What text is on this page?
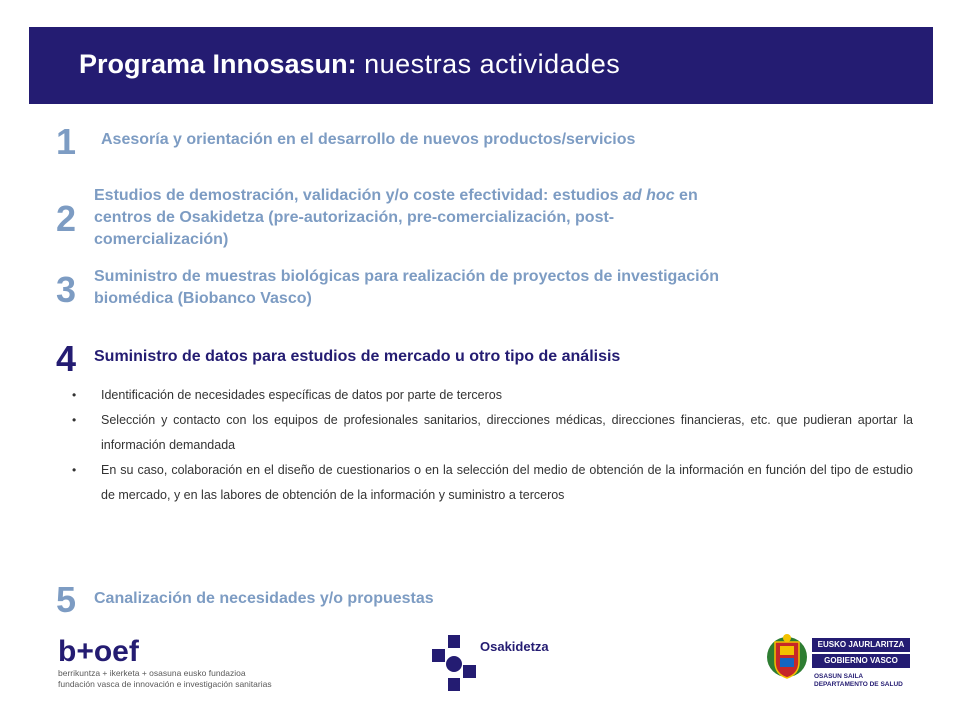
Programa Innosasun: nuestras actividades
1 Asesoría y orientación en el desarrollo de nuevos productos/servicios
2
Estudios de demostración, validación y/o coste efectividad: estudios ad hoc en
centros de Osakidetza (pre-autorización, pre-comercialización, post-
comercialización)
3 Suministro de muestras biológicas para realización de proyectos de investigación
biomédica (Biobanco Vasco)
4 Suministro de datos para estudios de mercado u otro tipo de análisis
• Identificación de necesidades específicas de datos por parte de terceros
• Selección y contacto con los equipos de profesionales sanitarios, direcciones médicas, direcciones financieras, etc. que pudieran aportar la información demandada
• En su caso, colaboración en el diseño de cuestionarios o en la selección del medio de obtención de la información en función del tipo de estudio de mercado, y en las labores de obtención de la información y suministro a terceros
5 Canalización de necesidades y/o propuestas
b+oef
berrikuntza + ikerketa + osasuna eusko fundazioa
fundación vasca de innovación e investigación sanitarias
Osakidetza	EUSKO JAURLARITZA
GOBIERNO VASCO
OSASUN SAILA
DEPARTAMENTO DE SALUD
